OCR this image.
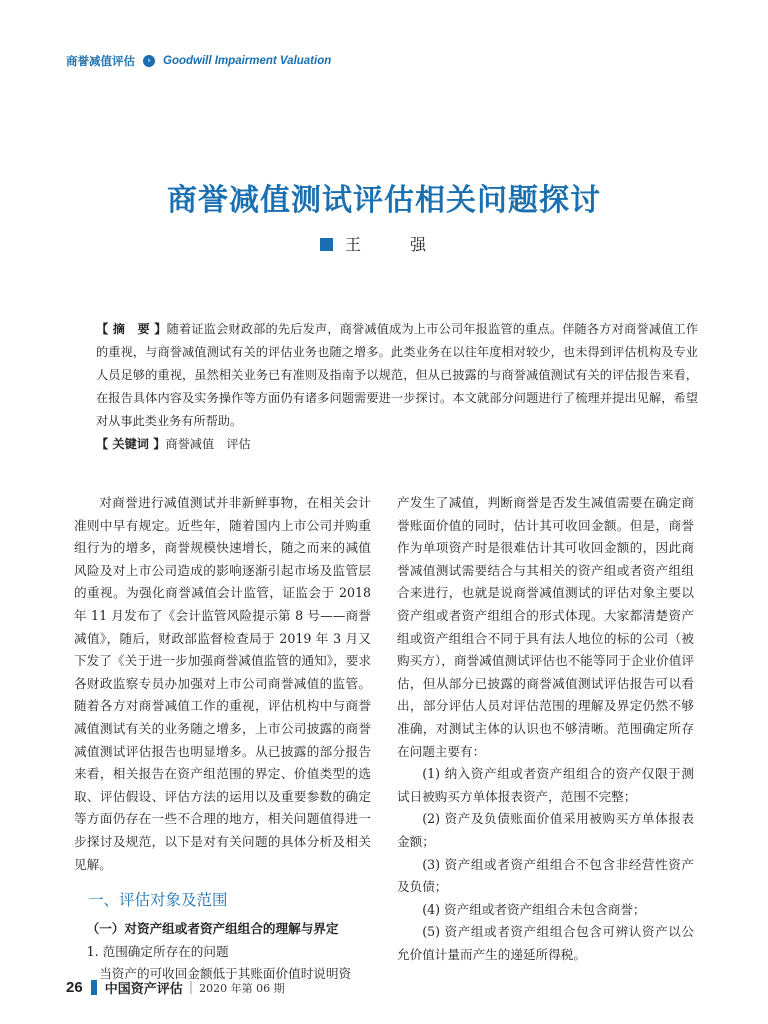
商誉减值评估	›	Goodwill Impairment Valuation
商誉减值测试评估相关问题探讨
王 强

【 摘　要 】随着证监会财政部的先后发声，商誉减值成为上市公司年报监管的重点。伴随各方对商誉减值工作的重视，与商誉减值测试有关的评估业务也随之增多。此类业务在以往年度相对较少，也未得到评估机构及专业人员足够的重视，虽然相关业务已有准则及指南予以规范，但从已披露的与商誉减值测试有关的评估报告来看，在报告具体内容及实务操作等方面仍有诸多问题需要进一步探讨。本文就部分问题进行了梳理并提出见解，希望对从事此类业务有所帮助。

【 关键词 】商誉减值　评估

对商誉进行减值测试并非新鲜事物，在相关会计准则中早有规定。近些年，随着国内上市公司并购重组行为的增多，商誉规模快速增长，随之而来的减值风险及对上市公司造成的影响逐渐引起市场及监管层的重视。为强化商誉减值会计监管，证监会于 2018 年 11 月发布了《会计监管风险提示第 8 号——商誉减值》，随后，财政部监督检查局于 2019 年 3 月又下发了《关于进一步加强商誉减值监管的通知》，要求各财政监察专员办加强对上市公司商誉减值的监管。随着各方对商誉减值工作的重视，评估机构中与商誉减值测试有关的业务随之增多，上市公司披露的商誉减值测试评估报告也明显增多。从已披露的部分报告来看，相关报告在资产组范围的界定、价值类型的选取、评估假设、评估方法的运用以及重要参数的确定等方面仍存在一些不合理的地方，相关问题值得进一步探讨及规范，以下是对有关问题的具体分析及相关见解。

一、评估对象及范围

（一）对资产组或者资产组组合的理解与界定

1. 范围确定所存在的问题

当资产的可收回金额低于其账面价值时说明资

产发生了减值，判断商誉是否发生减值需要在确定商誉账面价值的同时，估计其可收回金额。但是，商誉作为单项资产时是很难估计其可收回金额的，因此商誉减值测试需要结合与其相关的资产组或者资产组组合来进行，也就是说商誉减值测试的评估对象主要以资产组或者资产组组合的形式体现。大家都清楚资产组或资产组组合不同于具有法人地位的标的公司（被购买方），商誉减值测试评估也不能等同于企业价值评估，但从部分已披露的商誉减值测试评估报告可以看出，部分评估人员对评估范围的理解及界定仍然不够准确，对测试主体的认识也不够清晰。范围确定所存在问题主要有：

(1) 纳入资产组或者资产组组合的资产仅限于测试日被购买方单体报表资产，范围不完整；

(2) 资产及负债账面价值采用被购买方单体报表金额；

(3) 资产组或者资产组组合不包含非经营性资产及负债；

(4) 资产组或者资产组组合未包含商誉；

(5) 资产组或者资产组组合包含可辨认资产以公允价值计量而产生的递延所得税。

26 中国资产评估 | 2020 年第 06 期
